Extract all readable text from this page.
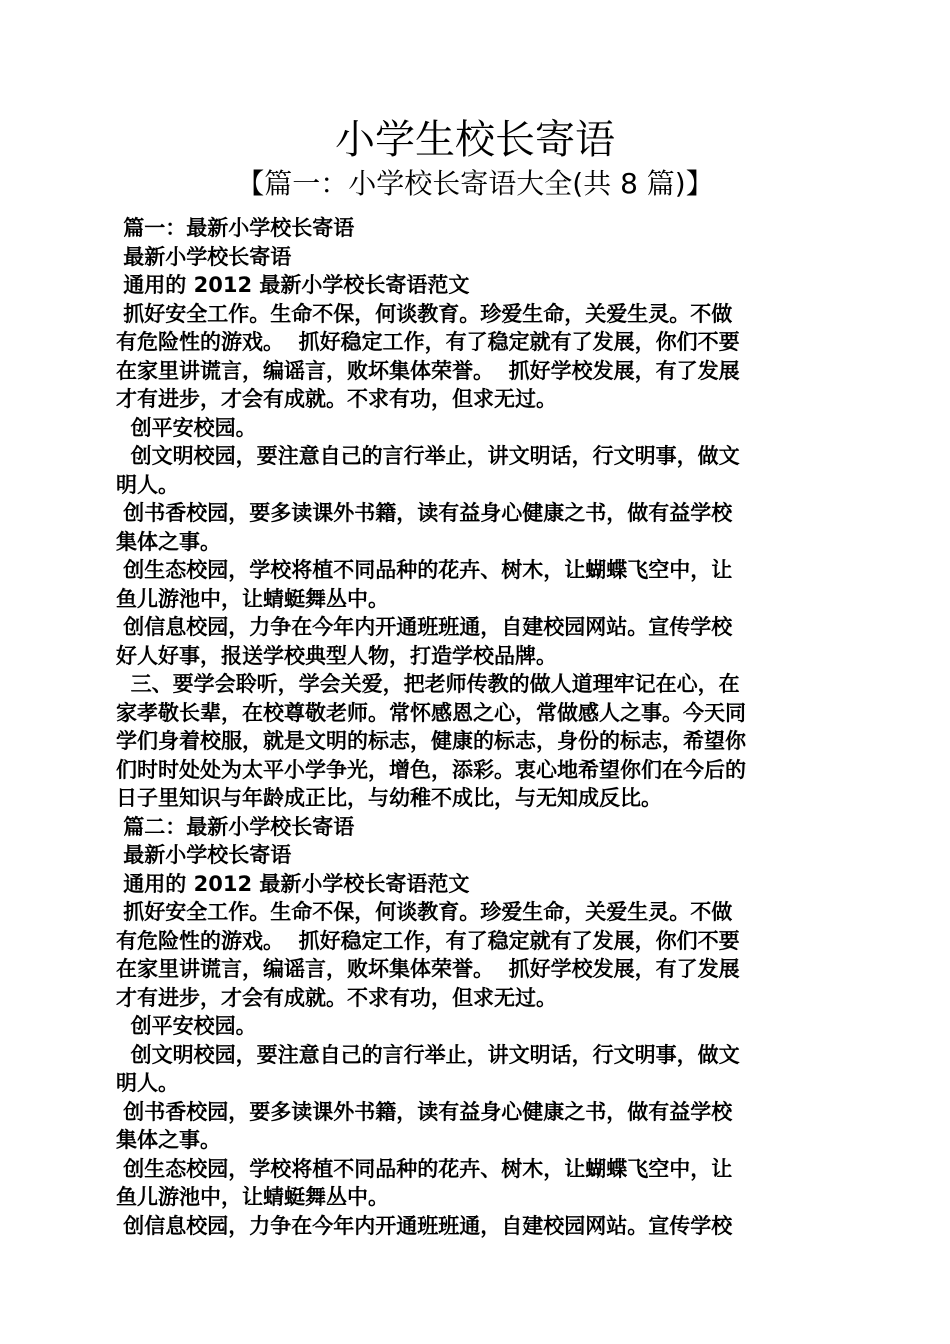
小学生校长寄语
【篇一：小学校长寄语大全(共 8 篇)】
篇一：最新小学校长寄语
最新小学校长寄语
通用的 2012 最新小学校长寄语范文
抓好安全工作。生命不保，何谈教育。珍爱生命，关爱生灵。不做
有危险性的游戏。  抓好稳定工作，有了稳定就有了发展，你们不要
在家里讲谎言，编谣言，败坏集体荣誉。  抓好学校发展，有了发展
才有进步，才会有成就。不求有功，但求无过。
创平安校园。
创文明校园，要注意自己的言行举止，讲文明话，行文明事，做文
明人。
创书香校园，要多读课外书籍，读有益身心健康之书，做有益学校
集体之事。
创生态校园，学校将植不同品种的花卉、树木，让蝴蝶飞空中，让
鱼儿游池中，让蜻蜓舞丛中。
创信息校园，力争在今年内开通班班通，自建校园网站。宣传学校
好人好事，报送学校典型人物，打造学校品牌。
三、要学会聆听，学会关爱，把老师传教的做人道理牢记在心，在
家孝敬长辈，在校尊敬老师。常怀感恩之心，常做感人之事。今天同
学们身着校服，就是文明的标志，健康的标志，身份的标志，希望你
们时时处处为太平小学争光，增色，添彩。衷心地希望你们在今后的
日子里知识与年龄成正比，与幼稚不成比，与无知成反比。
篇二：最新小学校长寄语
最新小学校长寄语
通用的 2012 最新小学校长寄语范文
抓好安全工作。生命不保，何谈教育。珍爱生命，关爱生灵。不做
有危险性的游戏。  抓好稳定工作，有了稳定就有了发展，你们不要
在家里讲谎言，编谣言，败坏集体荣誉。  抓好学校发展，有了发展
才有进步，才会有成就。不求有功，但求无过。
创平安校园。
创文明校园，要注意自己的言行举止，讲文明话，行文明事，做文
明人。
创书香校园，要多读课外书籍，读有益身心健康之书，做有益学校
集体之事。
创生态校园，学校将植不同品种的花卉、树木，让蝴蝶飞空中，让
鱼儿游池中，让蜻蜓舞丛中。
创信息校园，力争在今年内开通班班通，自建校园网站。宣传学校
